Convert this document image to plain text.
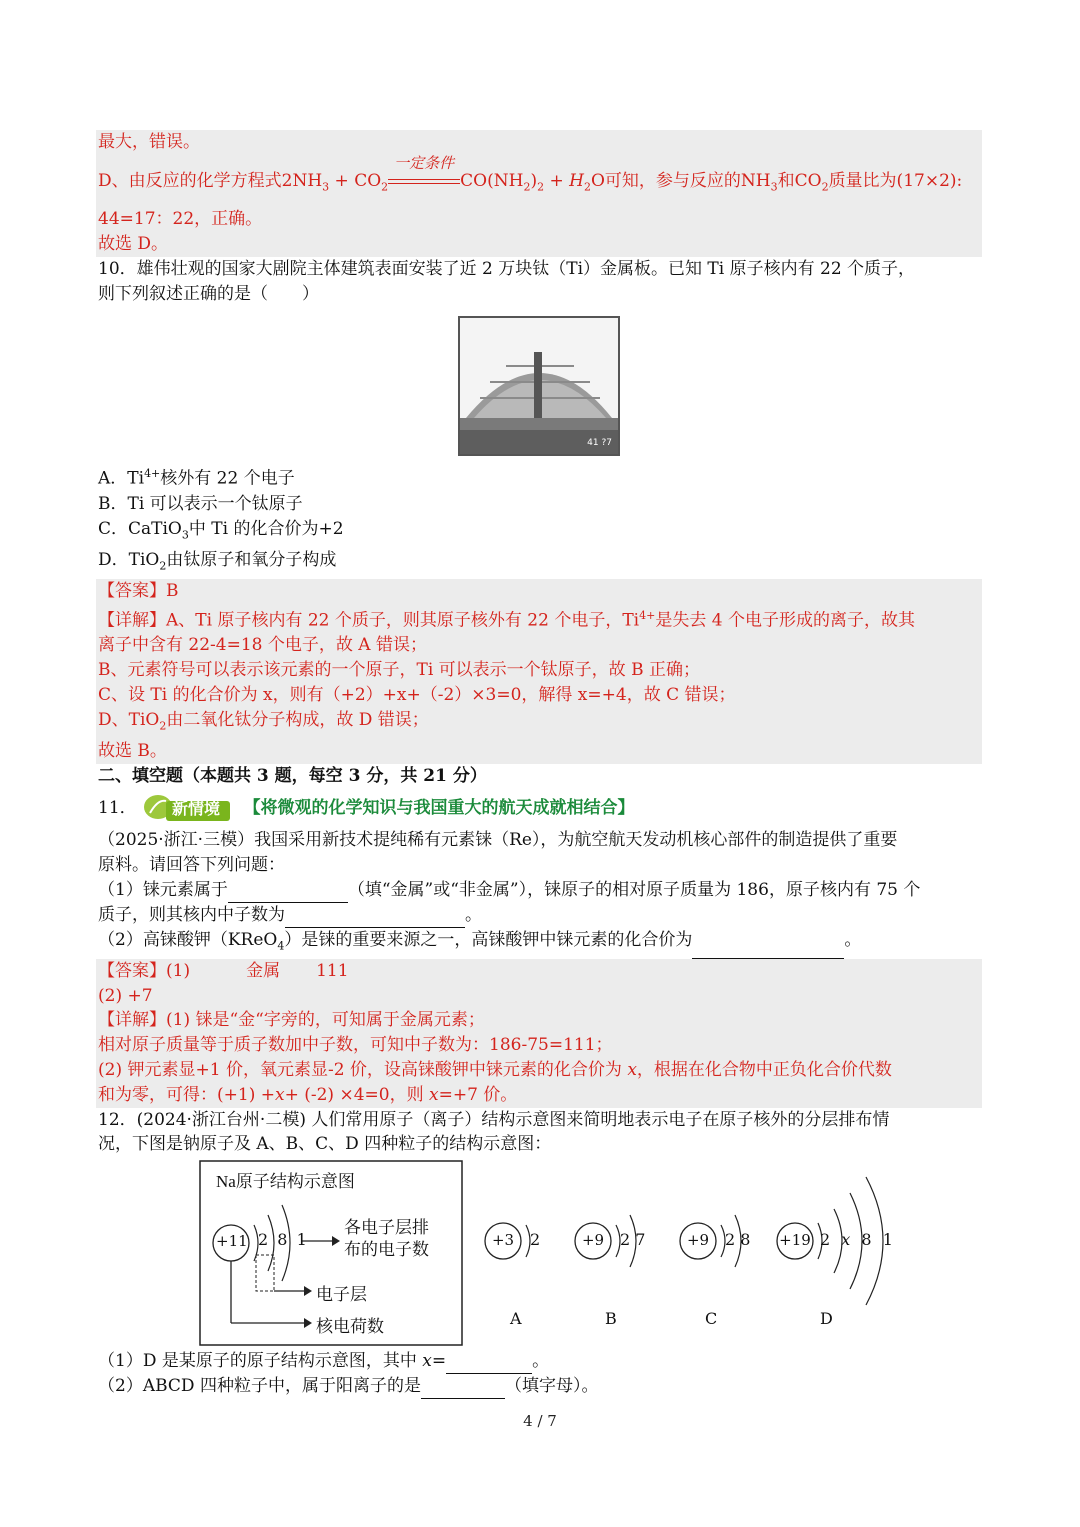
最大，错误。
D、由反应的化学方程式$2NH_3 + CO_2$
一定条件
$CO(NH_2)_2 + H_2O$可知，参与反应的$NH_3$和$CO_2$质量比为(17×2):
44=17：22，正确。
故选 D。
10．雄伟壮观的国家大剧院主体建筑表面安装了近 2 万块钛（Ti）金属板。已知 Ti 原子核内有 22 个质子，
则下列叙述正确的是（　　）
41 ?7
A．$Ti^{4+}$核外有 22 个电子
B．Ti 可以表示一个钛原子
C．CaTiO$_3$中 Ti 的化合价为+2
D．TiO$_2$由钛原子和氧分子构成
【答案】B
【详解】A、Ti 原子核内有 22 个质子，则其原子核外有 22 个电子，$Ti^{4+}$是失去 4 个电子形成的离子，故其
离子中含有 22-4=18 个电子，故 A 错误；
B、元素符号可以表示该元素的一个原子，Ti 可以表示一个钛原子，故 B 正确；
C、设 Ti 的化合价为 x，则有（+2）+x+（-2）×3=0，解得 x=+4，故 C 错误；
D、TiO$_2$由二氧化钛分子构成，故 D 错误；
故选 B。
二、填空题（本题共 3 题，每空 3 分，共 21 分）
11． 新情境 【将微观的化学知识与我国重大的航天成就相结合】
（2025·浙江·三模）我国采用新技术提纯稀有元素铼（Re），为航空航天发动机核心部件的制造提供了重要
原料。请回答下列问题：
（1）铼元素属于	（填“金属”或“非金属”），铼原子的相对原子质量为 186，原子核内有 75 个
质子，则其核内中子数为	。
（2）高铼酸钾（KReO$_4$）是铼的重要来源之一，高铼酸钾中铼元素的化合价为	。
【答案】(1)	金属 111
(2) +7
【详解】(1) 铼是“金“字旁的，可知属于金属元素；
相对原子质量等于质子数加中子数，可知中子数为：186-75=111；
(2) 钾元素显+1 价，氧元素显-2 价，设高铼酸钾中铼元素的化合价为 x，根据在化合物中正负化合价代数
和为零，可得：(+1) +x+ (-2) ×4=0，则 x=+7 价。
12．(2024·浙江台州·二模) 人们常用原子（离子）结构示意图来简明地表示电子在原子核外的分层排布情
况，下图是钠原子及 A、B、C、D 四种粒子的结构示意图：
Na原子结构示意图
+11 2 8 1
各电子层排
布的电子数
电子层
核电荷数
+3 2	+9 2 7	+9 2 8 +19 2 x 8 1
A	B	C	D
（1）D 是某原子的原子结构示意图，其中 x=	。
（2）ABCD 四种粒子中，属于阳离子的是	（填字母）。
4 / 7
